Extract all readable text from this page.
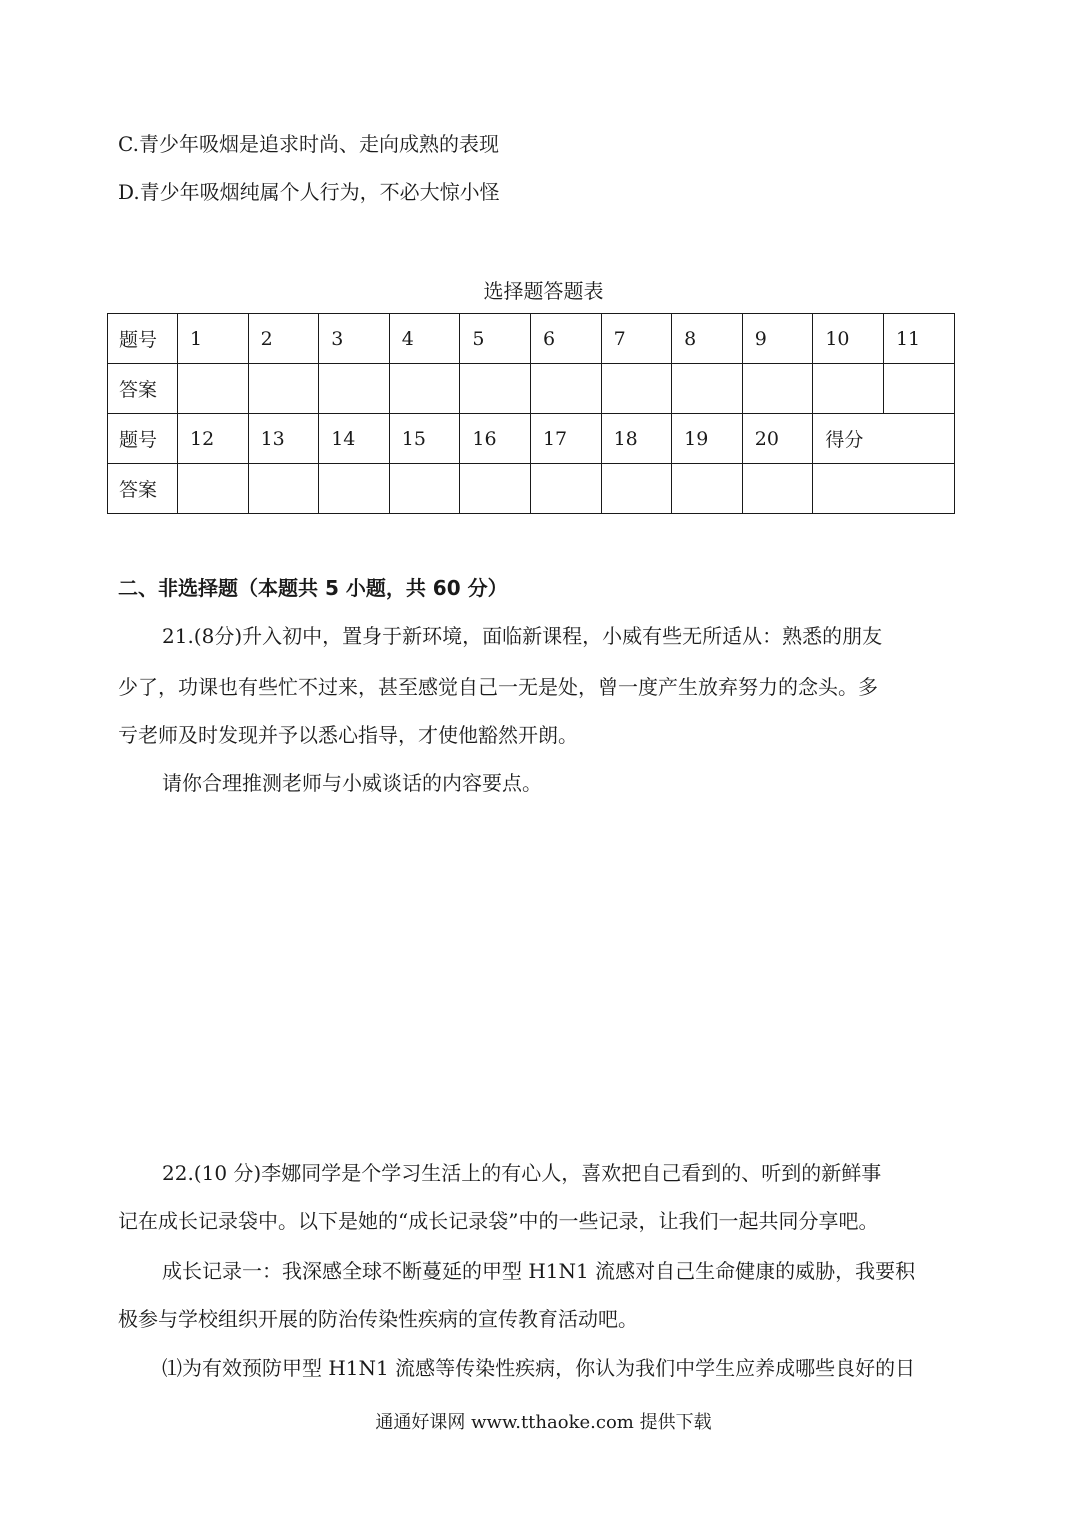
C.青少年吸烟是追求时尚、走向成熟的表现
D.青少年吸烟纯属个人行为，不必大惊小怪
选择题答题表
题号	1	2	3	4	5	6	7	8	9	10	11
答案											
题号	12	13	14	15	16	17	18	19	20	得分	
答案											
二、非选择题（本题共 5 小题，共 60 分）
21.(8分)升入初中，置身于新环境，面临新课程，小威有些无所适从：熟悉的朋友
少了，功课也有些忙不过来，甚至感觉自己一无是处，曾一度产生放弃努力的念头。多
亏老师及时发现并予以悉心指导，才使他豁然开朗。
请你合理推测老师与小威谈话的内容要点。
22.(10 分)李娜同学是个学习生活上的有心人，喜欢把自己看到的、听到的新鲜事
记在成长记录袋中。以下是她的“成长记录袋”中的一些记录，让我们一起共同分享吧。
成长记录一：我深感全球不断蔓延的甲型 H1N1 流感对自己生命健康的威胁，我要积
极参与学校组织开展的防治传染性疾病的宣传教育活动吧。
⑴为有效预防甲型 H1N1 流感等传染性疾病，你认为我们中学生应养成哪些良好的日
通通好课网 www.tthaoke.com 提供下载
